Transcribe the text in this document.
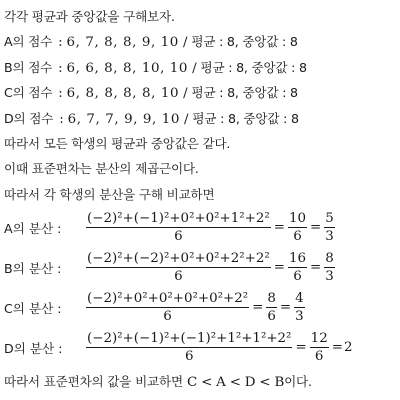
각각 평균과 중앙값을 구해보자.
A의 점수 : 6, 7, 8, 8, 9, 10 / 평균 : 8, 중앙값 : 8
B의 점수 : 6, 6, 8, 8, 10, 10 / 평균 : 8, 중앙값 : 8
C의 점수 : 6, 8, 8, 8, 8, 10 / 평균 : 8, 중앙값 : 8
D의 점수 : 6, 7, 7, 9, 9, 10 / 평균 : 8, 중앙값 : 8
따라서 모든 학생의 평균과 중앙값은 같다.
이때 표준편차는 분산의 제곱근이다.
따라서 각 학생의 분산을 구해 비교하면
A의 분산 :	$\frac{\text{(−2)²+(−1)²+0²+0²+1²+2²}}{6} = \frac{10}{6} = \frac{5}{3}$
B의 분산 :	$\frac{\text{(−2)²+(−2)²+0²+0²+2²+2²}}{6} = \frac{16}{6} = \frac{8}{3}$
C의 분산 :	$\frac{\text{(−2)²+0²+0²+0²+0²+2²}}{6} = \frac{8}{6} = \frac{4}{3}$
D의 분산 :	$\frac{\text{(−2)²+(−1)²+(−1)²+1²+1²+2²}}{6} = \frac{12}{6} = 2$
따라서 표준편차의 값을 비교하면 C < A < D < B이다.
